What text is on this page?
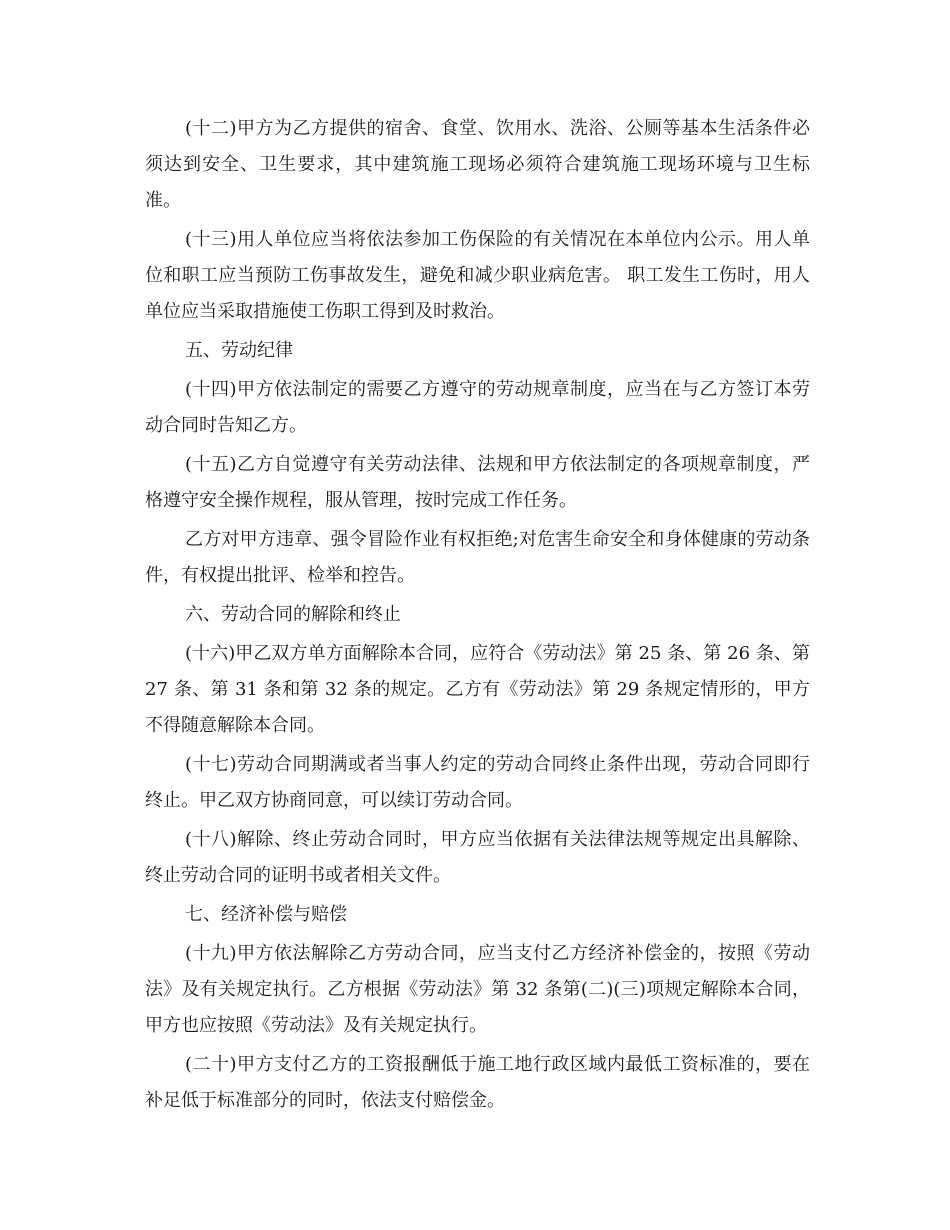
(十二)甲方为乙方提供的宿舍、食堂、饮用水、洗浴、公厕等基本生活条件必须达到安全、卫生要求，其中建筑施工现场必须符合建筑施工现场环境与卫生标准。

(十三)用人单位应当将依法参加工伤保险的有关情况在本单位内公示。用人单位和职工应当预防工伤事故发生，避免和减少职业病危害。 职工发生工伤时，用人单位应当采取措施使工伤职工得到及时救治。

五、劳动纪律

(十四)甲方依法制定的需要乙方遵守的劳动规章制度，应当在与乙方签订本劳动合同时告知乙方。

(十五)乙方自觉遵守有关劳动法律、法规和甲方依法制定的各项规章制度，严格遵守安全操作规程，服从管理，按时完成工作任务。

乙方对甲方违章、强令冒险作业有权拒绝;对危害生命安全和身体健康的劳动条件，有权提出批评、检举和控告。

六、劳动合同的解除和终止

(十六)甲乙双方单方面解除本合同，应符合《劳动法》第 25 条、第 26 条、第 27 条、第 31 条和第 32 条的规定。乙方有《劳动法》第 29 条规定情形的，甲方不得随意解除本合同。

(十七)劳动合同期满或者当事人约定的劳动合同终止条件出现，劳动合同即行终止。甲乙双方协商同意，可以续订劳动合同。

(十八)解除、终止劳动合同时，甲方应当依据有关法律法规等规定出具解除、终止劳动合同的证明书或者相关文件。

七、经济补偿与赔偿

(十九)甲方依法解除乙方劳动合同，应当支付乙方经济补偿金的，按照《劳动法》及有关规定执行。乙方根据《劳动法》第 32 条第(二)(三)项规定解除本合同，甲方也应按照《劳动法》及有关规定执行。

(二十)甲方支付乙方的工资报酬低于施工地行政区域内最低工资标准的，要在补足低于标准部分的同时，依法支付赔偿金。
